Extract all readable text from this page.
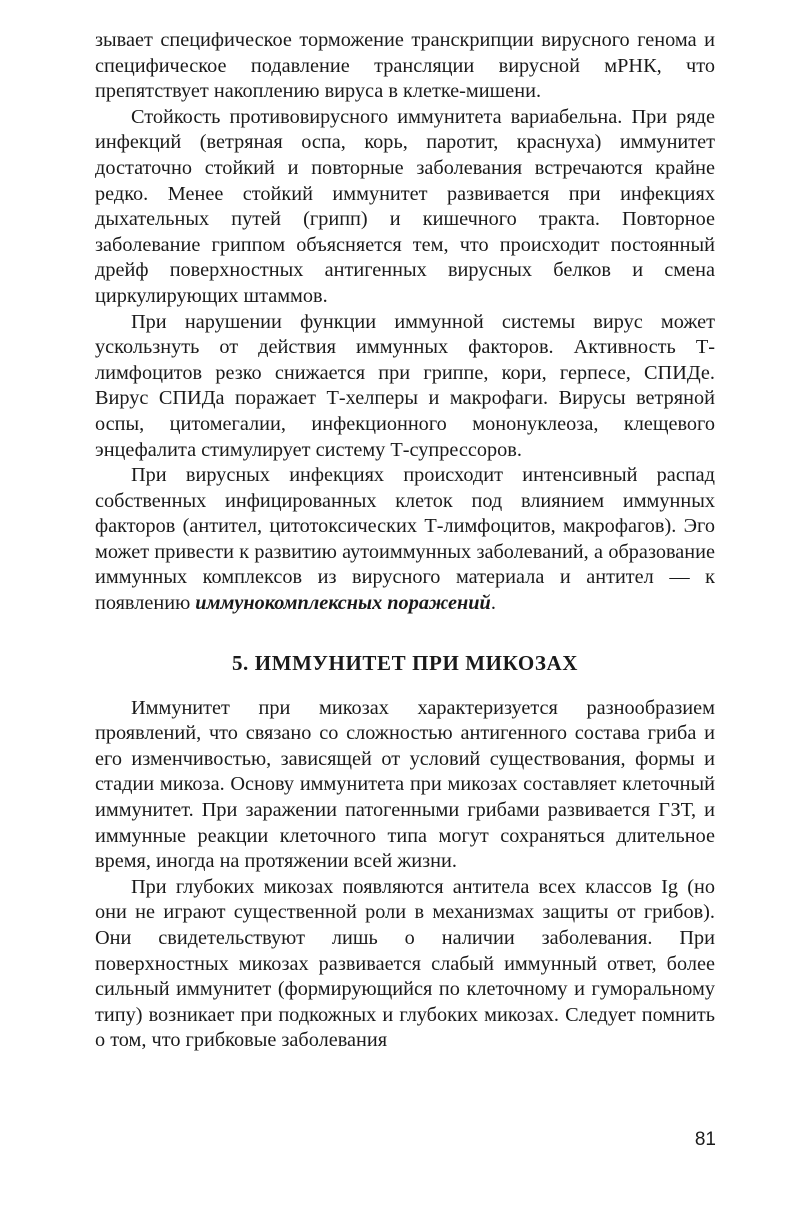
зывает специфическое торможение транскрипции вирусного генома и специфическое подавление трансляции вирусной мРНК, что препятствует накоплению вируса в клетке-мишени.

Стойкость противовирусного иммунитета вариабельна. При ряде инфекций (ветряная оспа, корь, паротит, краснуха) иммунитет достаточно стойкий и повторные заболевания встречаются крайне редко. Менее стойкий иммунитет развивается при инфекциях дыхательных путей (грипп) и кишечного тракта. Повторное заболевание гриппом объясняется тем, что происходит постоянный дрейф поверхностных антигенных вирусных белков и смена циркулирующих штаммов.

При нарушении функции иммунной системы вирус может ускользнуть от действия иммунных факторов. Активность Т-лимфоцитов резко снижается при гриппе, кори, герпесе, СПИДе. Вирус СПИДа поражает Т-хелперы и макрофаги. Вирусы ветряной оспы, цитомегалии, инфекционного мононуклеоза, клещевого энцефалита стимулирует систему Т-супрессоров.

При вирусных инфекциях происходит интенсивный распад собственных инфицированных клеток под влиянием иммунных факторов (антител, цитотоксических Т-лимфоцитов, макрофагов). Эго может привести к развитию аутоиммунных заболеваний, а образование иммунных комплексов из вирусного материала и антител — к появлению иммунокомплексных поражений.

5. ИММУНИТЕТ ПРИ МИКОЗАХ

Иммунитет при микозах характеризуется разнообразием проявлений, что связано со сложностью антигенного состава гриба и его изменчивостью, зависящей от условий существования, формы и стадии микоза. Основу иммунитета при микозах составляет клеточный иммунитет. При заражении патогенными грибами развивается ГЗТ, и иммунные реакции клеточного типа могут сохраняться длительное время, иногда на протяжении всей жизни.

При глубоких микозах появляются антитела всех классов Ig (но они не играют существенной роли в механизмах защиты от грибов). Они свидетельствуют лишь о наличии заболевания. При поверхностных микозах развивается слабый иммунный ответ, более сильный иммунитет (формирующийся по клеточному и гуморальному типу) возникает при подкожных и глубоких микозах. Следует помнить о том, что грибковые заболевания

81
